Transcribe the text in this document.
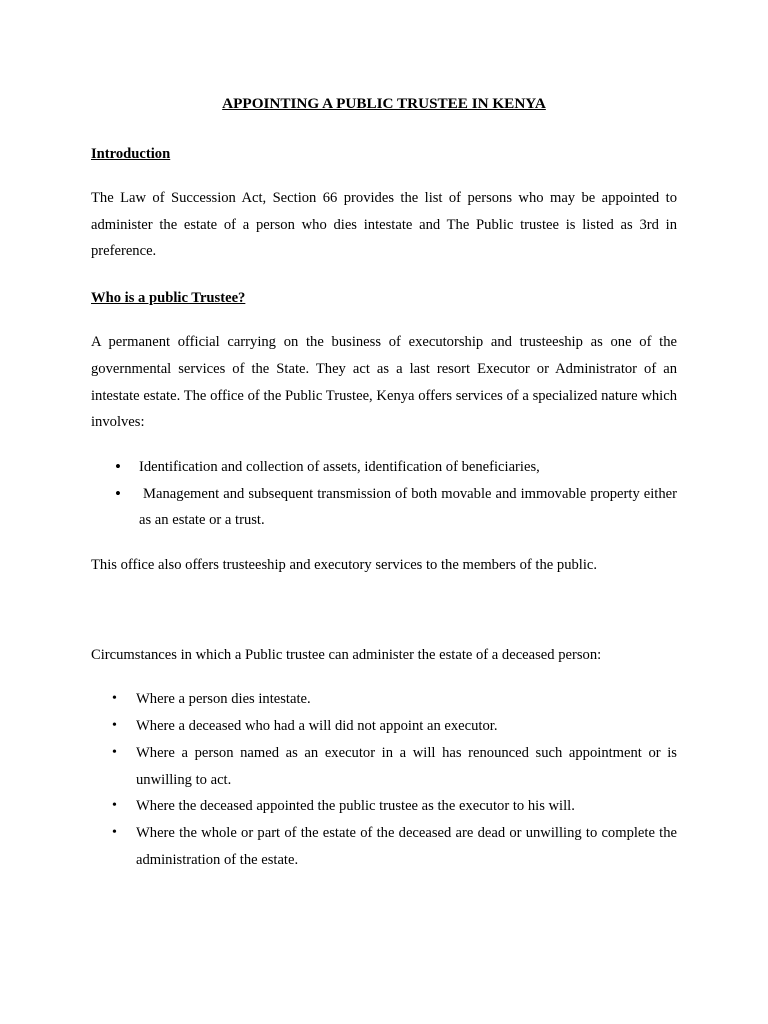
APPOINTING A PUBLIC TRUSTEE IN KENYA

Introduction

The Law of Succession Act, Section 66 provides the list of persons who may be appointed to administer the estate of a person who dies intestate and The Public trustee is listed as 3rd in preference.

Who is a public Trustee?

A permanent official carrying on the business of executorship and trusteeship as one of the governmental services of the State. They act as a last resort Executor or Administrator of an intestate estate. The office of the Public Trustee, Kenya offers services of a specialized nature which involves:

• Identification and collection of assets, identification of beneficiaries,
• Management and subsequent transmission of both movable and immovable property either as an estate or a trust.

This office also offers trusteeship and executory services to the members of the public.

Circumstances in which a Public trustee can administer the estate of a deceased person:

• Where a person dies intestate.
• Where a deceased who had a will did not appoint an executor.
• Where a person named as an executor in a will has renounced such appointment or is unwilling to act.
• Where the deceased appointed the public trustee as the executor to his will.
• Where the whole or part of the estate of the deceased are dead or unwilling to complete the administration of the estate.
